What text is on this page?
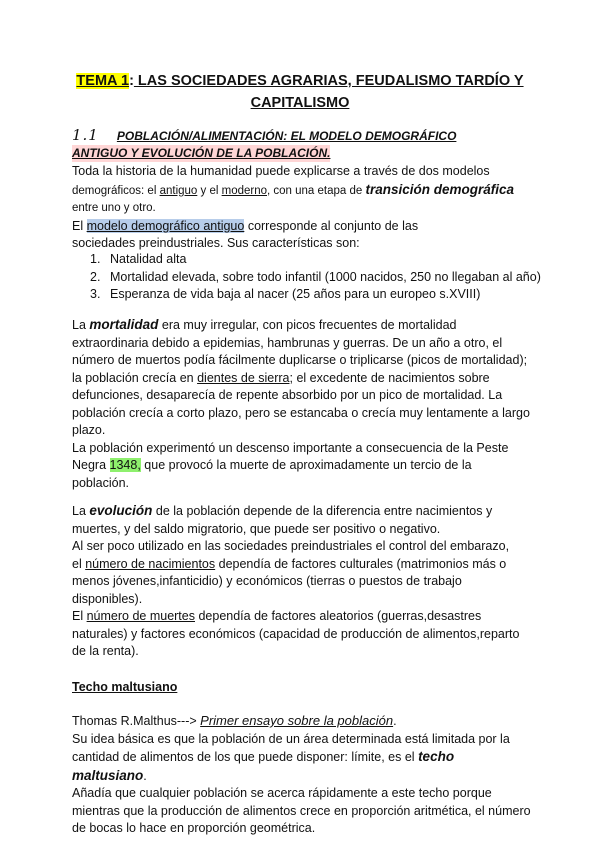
TEMA 1: LAS SOCIEDADES AGRARIAS, FEUDALISMO TARDÍO Y CAPITALISMO
1.1 POBLACIÓN/ALIMENTACIÓN: EL MODELO DEMOGRÁFICO
ANTIGUO Y EVOLUCIÓN DE LA POBLACIÓN.
Toda la historia de la humanidad puede explicarse a través de dos modelos
demográficos: el antiguo y el moderno, con una etapa de transición demográfica
entre uno y otro.
El modelo demográfico antiguo corresponde al conjunto de las
sociedades preindustriales. Sus características son:
1. Natalidad alta
2. Mortalidad elevada, sobre todo infantil (1000 nacidos, 250 no llegaban al año)
3. Esperanza de vida baja al nacer (25 años para un europeo s.XVIII)
La mortalidad era muy irregular, con picos frecuentes de mortalidad
extraordinaria debido a epidemias, hambrunas y guerras. De un año a otro, el
número de muertos podía fácilmente duplicarse o triplicarse (picos de mortalidad);
la población crecía en dientes de sierra; el excedente de nacimientos sobre
defunciones, desaparecía de repente absorbido por un pico de mortalidad. La
población crecía a corto plazo, pero se estancaba o crecía muy lentamente a largo
plazo.
La población experimentó un descenso importante a consecuencia de la Peste
Negra 1348, que provocó la muerte de aproximadamente un tercio de la
población.
La evolución de la población depende de la diferencia entre nacimientos y
muertes, y del saldo migratorio, que puede ser positivo o negativo.
Al ser poco utilizado en las sociedades preindustriales el control del embarazo,
el número de nacimientos dependía de factores culturales (matrimonios más o
menos jóvenes,infanticidio) y económicos (tierras o puestos de trabajo
disponibles).
El número de muertes dependía de factores aleatorios (guerras,desastres
naturales) y factores económicos (capacidad de producción de alimentos,reparto
de la renta).
Techo maltusiano
Thomas R.Malthus---> Primer ensayo sobre la población.
Su idea básica es que la población de un área determinada está limitada por la
cantidad de alimentos de los que puede disponer: límite, es el techo
maltusiano.
Añadía que cualquier población se acerca rápidamente a este techo porque
mientras que la producción de alimentos crece en proporción aritmética, el número
de bocas lo hace en proporción geométrica.
